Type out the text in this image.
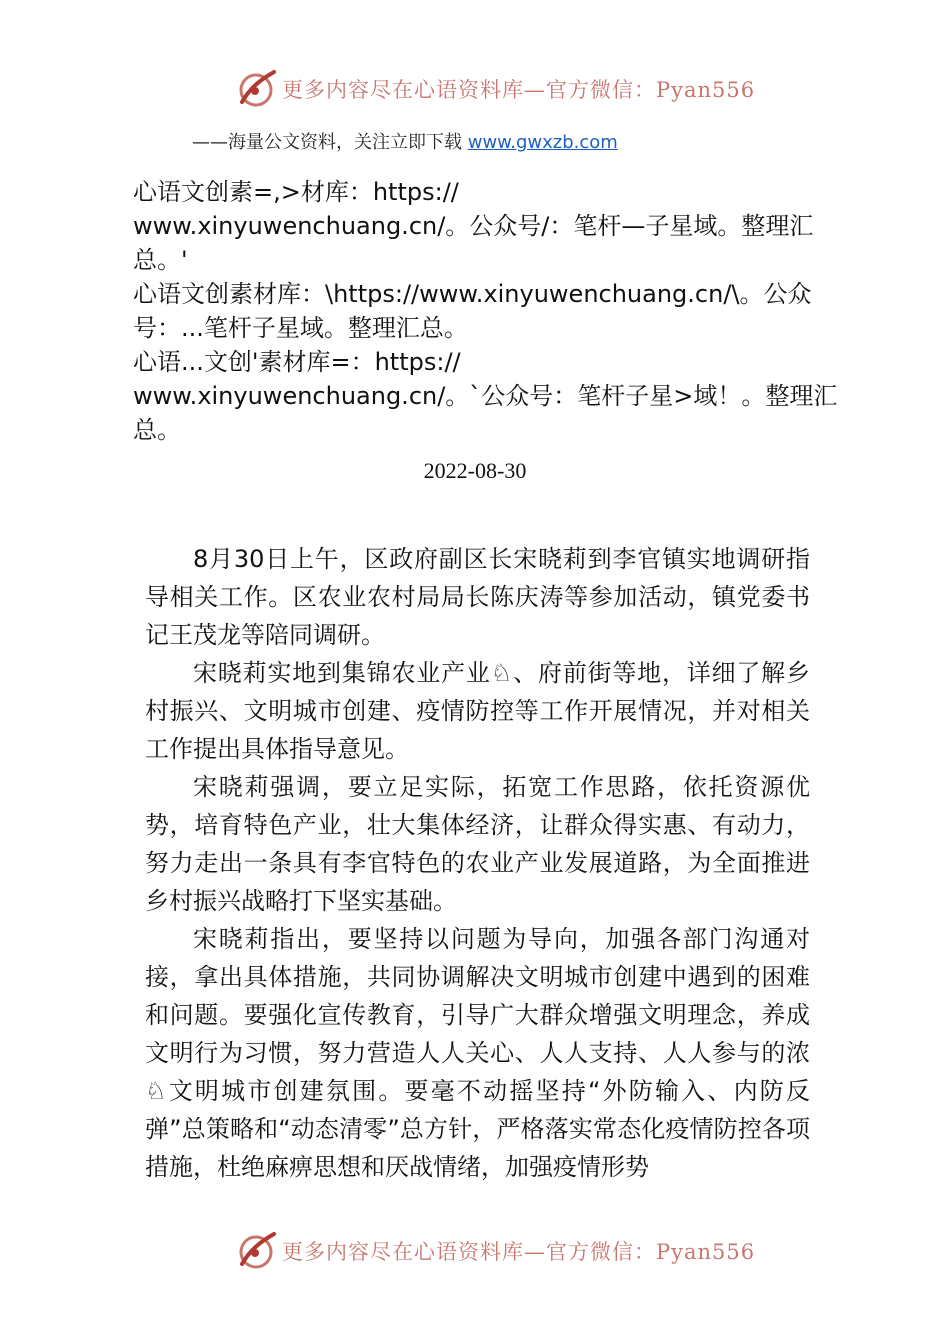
更多内容尽在心语资料库—官方微信：Pyan556
——海量公文资料，关注立即下载 www.gwxzb.com

心语文创素=,>材库：https://

www.xinyuwenchuang.cn/。公众号/：笔杆—子星域。整理汇总。'

心语文创素材库：\https://www.xinyuwenchuang.cn/\。公众号：...笔杆子星域。整理汇总。

心语...文创'素材库=：https://

www.xinyuwenchuang.cn/。`公众号：笔杆子星>域！。整理汇总。

2022-08-30

8月30日上午，区政府副区长宋晓莉到李官镇实地调研指导相关工作。区农业农村局局长陈庆涛等参加活动，镇党委书记王茂龙等陪同调研。

宋晓莉实地到集锦农业产业♘、府前街等地，详细了解乡村振兴、文明城市创建、疫情防控等工作开展情况，并对相关工作提出具体指导意见。

宋晓莉强调，要立足实际，拓宽工作思路，依托资源优势，培育特色产业，壮大集体经济，让群众得实惠、有动力，努力走出一条具有李官特色的农业产业发展道路，为全面推进乡村振兴战略打下坚实基础。

宋晓莉指出，要坚持以问题为导向，加强各部门沟通对接，拿出具体措施，共同协调解决文明城市创建中遇到的困难和问题。要强化宣传教育，引导广大群众增强文明理念，养成文明行为习惯，努力营造人人关心、人人支持、人人参与的浓♘文明城市创建氛围。要毫不动摇坚持“外防输入、内防反弹”总策略和“动态清零”总方针，严格落实常态化疫情防控各项措施，杜绝麻痹思想和厌战情绪，加强疫情形势

更多内容尽在心语资料库—官方微信：Pyan556
